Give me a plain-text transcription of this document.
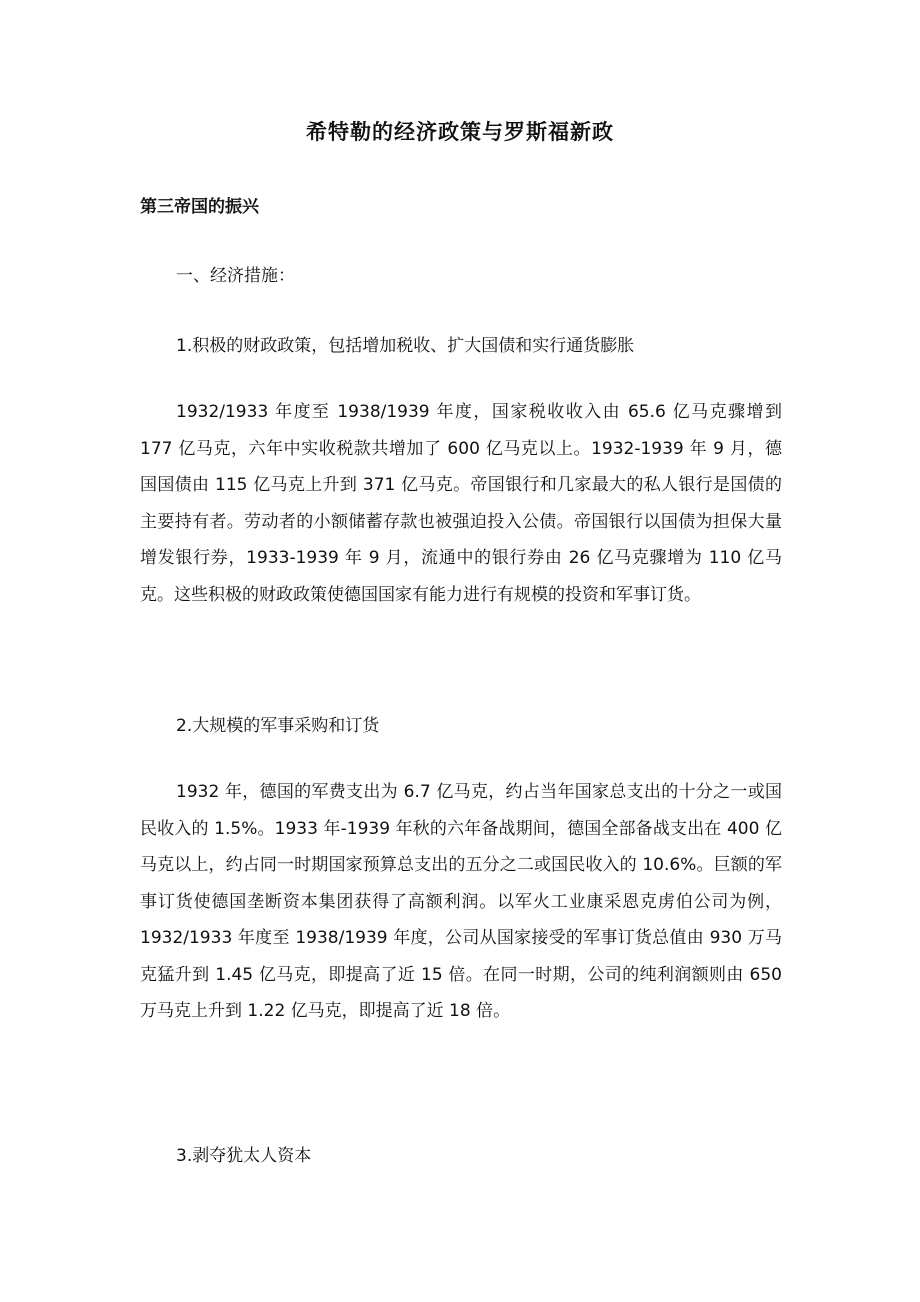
希特勒的经济政策与罗斯福新政
第三帝国的振兴

一、经济措施：

1.积极的财政政策，包括增加税收、扩大国债和实行通货膨胀

1932/1933 年度至 1938/1939 年度，国家税收收入由 65.6 亿马克骤增到 177 亿马克，六年中实收税款共增加了 600 亿马克以上。1932-1939 年 9 月，德国国债由 115 亿马克上升到 371 亿马克。帝国银行和几家最大的私人银行是国债的主要持有者。劳动者的小额储蓄存款也被强迫投入公债。帝国银行以国债为担保大量增发银行券，1933-1939 年 9 月，流通中的银行券由 26 亿马克骤增为 110 亿马克。这些积极的财政政策使德国国家有能力进行有规模的投资和军事订货。

2.大规模的军事采购和订货

1932 年，德国的军费支出为 6.7 亿马克，约占当年国家总支出的十分之一或国民收入的 1.5%。1933 年-1939 年秋的六年备战期间，德国全部备战支出在 400 亿马克以上，约占同一时期国家预算总支出的五分之二或国民收入的 10.6%。巨额的军事订货使德国垄断资本集团获得了高额利润。以军火工业康采恩克虏伯公司为例，1932/1933 年度至 1938/1939 年度，公司从国家接受的军事订货总值由 930 万马克猛升到 1.45 亿马克，即提高了近 15 倍。在同一时期，公司的纯利润额则由 650 万马克上升到 1.22 亿马克，即提高了近 18 倍。

3.剥夺犹太人资本
